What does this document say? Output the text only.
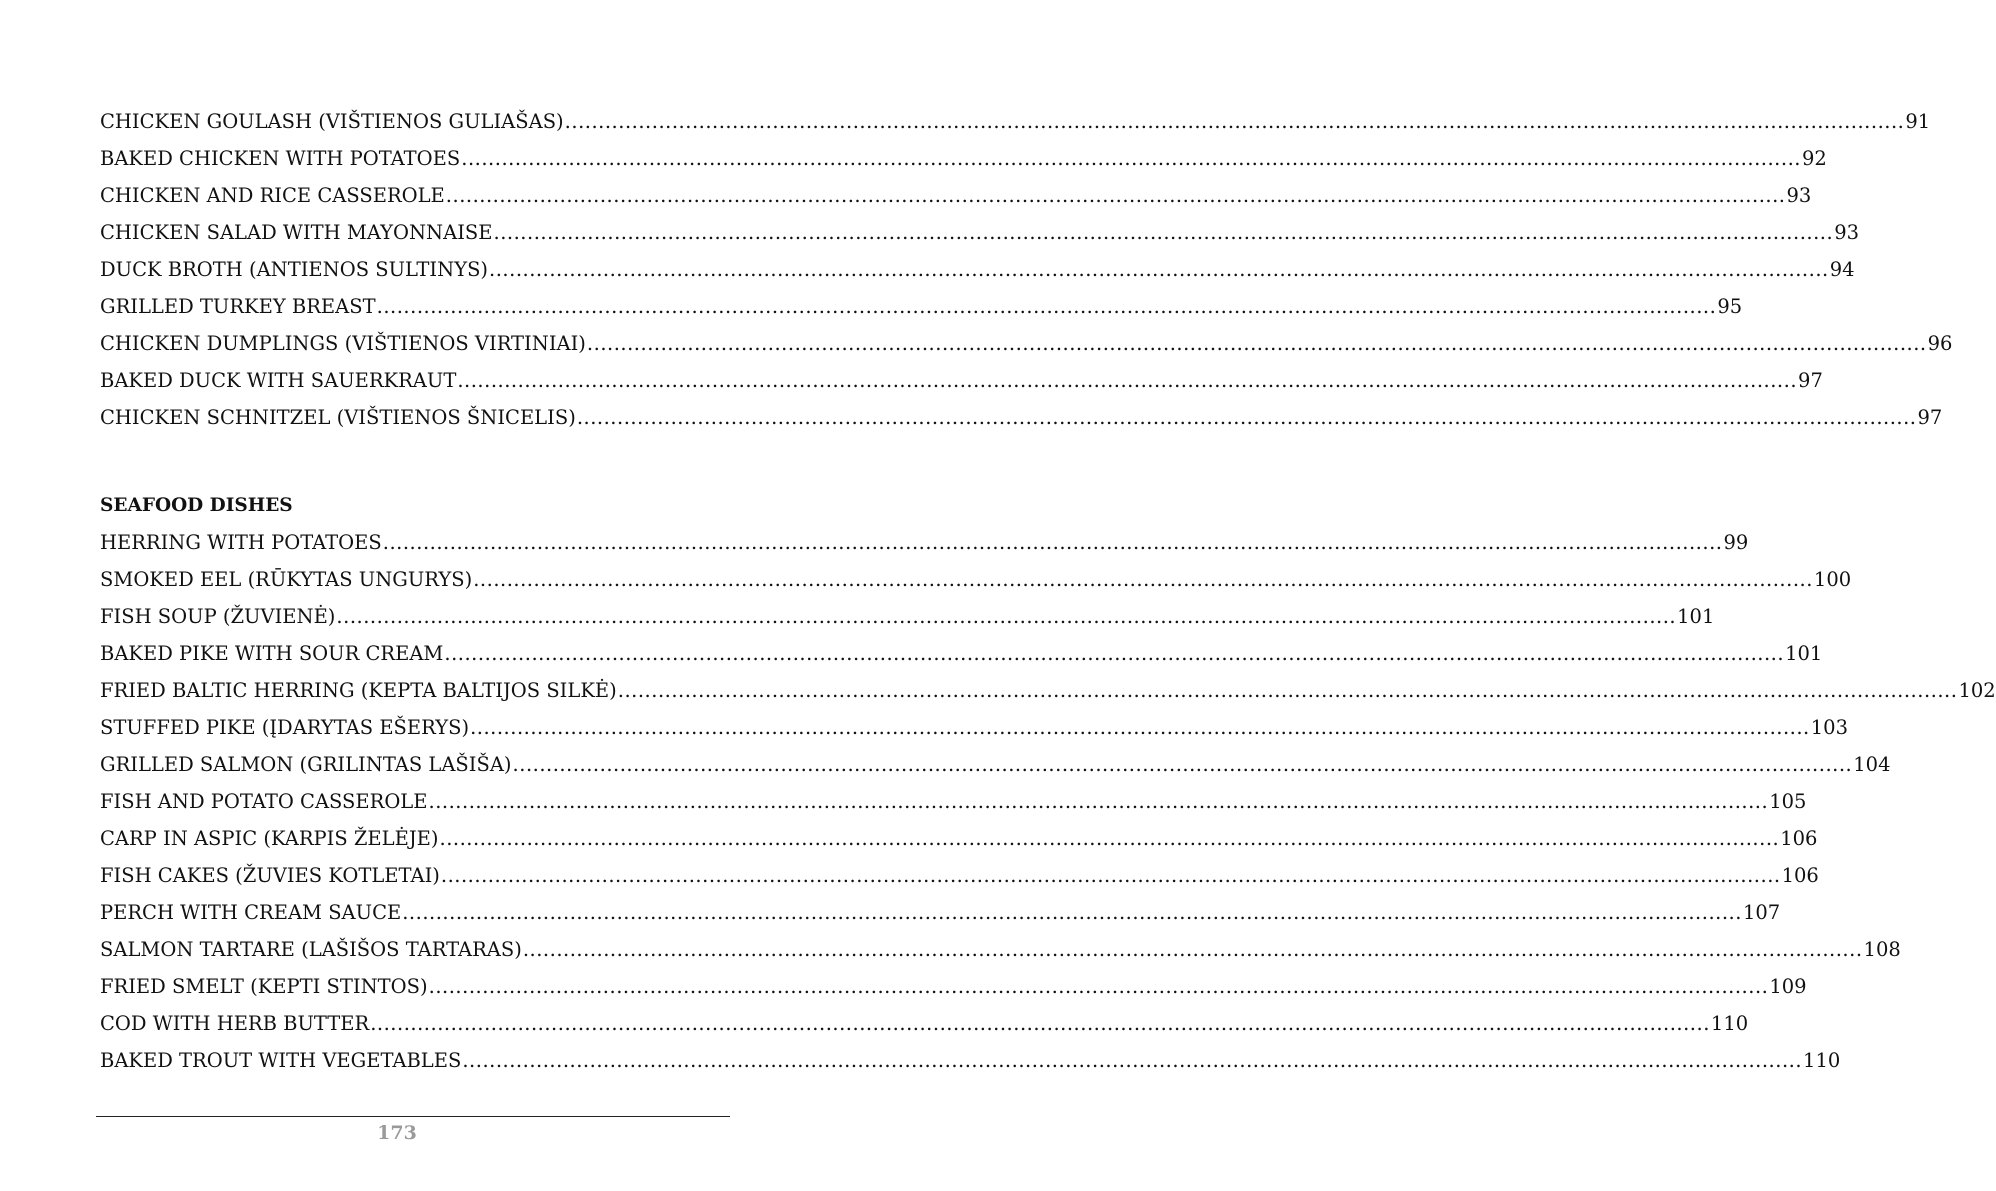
CHICKEN GOULASH (VIŠTIENOS GULIAŠAS) ........................................................................................................................................................................................................ 91
BAKED CHICKEN WITH POTATOES ........................................................................................................................................................................................................ 92
CHICKEN AND RICE CASSEROLE ........................................................................................................................................................................................................ 93
CHICKEN SALAD WITH MAYONNAISE ........................................................................................................................................................................................................ 93
DUCK BROTH (ANTIENOS SULTINYS) ........................................................................................................................................................................................................ 94
GRILLED TURKEY BREAST ........................................................................................................................................................................................................ 95
CHICKEN DUMPLINGS (VIŠTIENOS VIRTINIAI) ........................................................................................................................................................................................................ 96
BAKED DUCK WITH SAUERKRAUT ........................................................................................................................................................................................................ 97
CHICKEN SCHNITZEL (VIŠTIENOS ŠNICELIS) ........................................................................................................................................................................................................ 97
SEAFOOD DISHES
HERRING WITH POTATOES ........................................................................................................................................................................................................ 99
SMOKED EEL (RŪKYTAS UNGURYS) ........................................................................................................................................................................................................ 100
FISH SOUP (ŽUVIENĖ) ........................................................................................................................................................................................................ 101
BAKED PIKE WITH SOUR CREAM ........................................................................................................................................................................................................ 101
FRIED BALTIC HERRING (KEPTA BALTIJOS SILKĖ) ........................................................................................................................................................................................................ 102
STUFFED PIKE (ĮDARYTAS EŠERYS) ........................................................................................................................................................................................................ 103
GRILLED SALMON (GRILINTAS LAŠIŠA) ........................................................................................................................................................................................................ 104
FISH AND POTATO CASSEROLE ........................................................................................................................................................................................................ 105
CARP IN ASPIC (KARPIS ŽELĖJE) ........................................................................................................................................................................................................ 106
FISH CAKES (ŽUVIES KOTLETAI) ........................................................................................................................................................................................................ 106
PERCH WITH CREAM SAUCE ........................................................................................................................................................................................................ 107
SALMON TARTARE (LAŠIŠOS TARTARAS) ........................................................................................................................................................................................................ 108
FRIED SMELT (KEPTI STINTOS) ........................................................................................................................................................................................................ 109
COD WITH HERB BUTTER ........................................................................................................................................................................................................ 110
BAKED TROUT WITH VEGETABLES ........................................................................................................................................................................................................ 110
173
